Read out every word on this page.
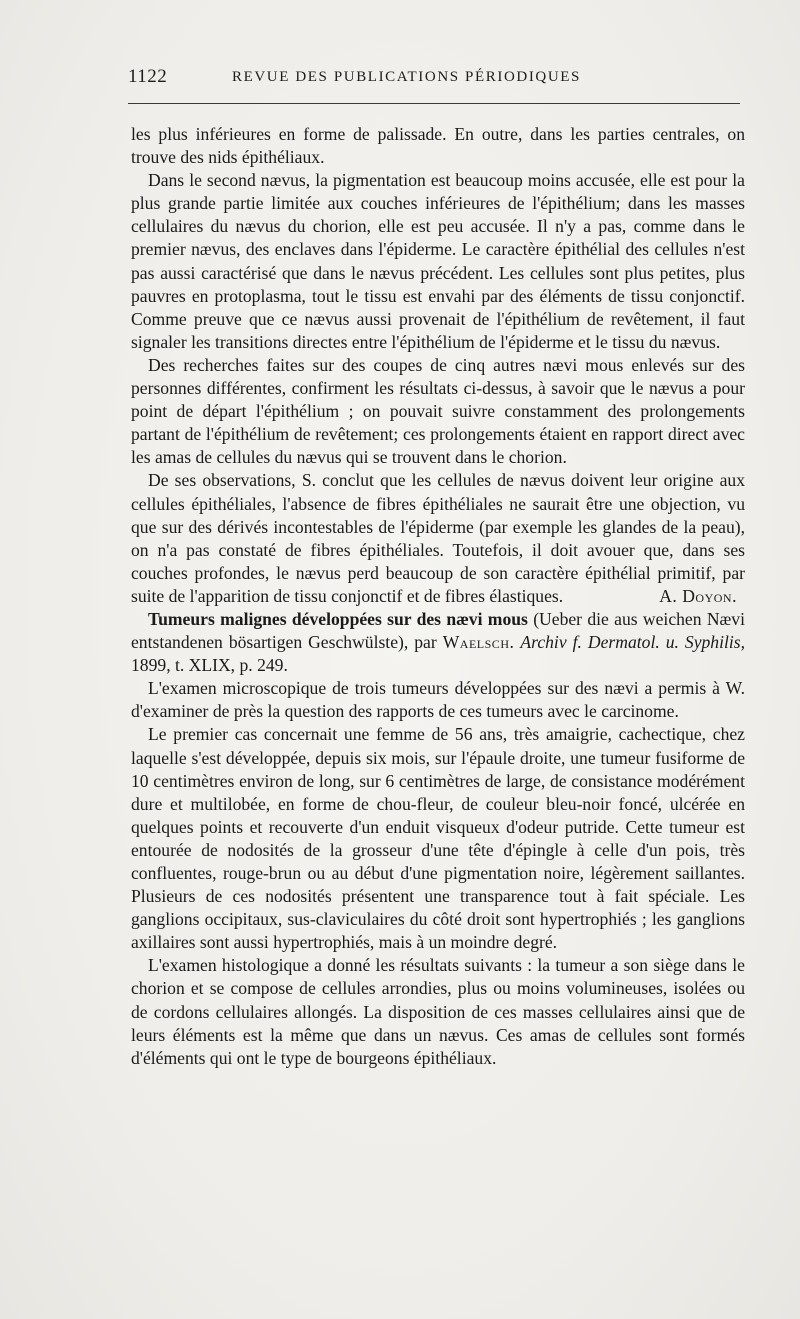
1122	REVUE DES PUBLICATIONS PÉRIODIQUES

les plus inférieures en forme de palissade. En outre, dans les parties centrales, on trouve des nids épithéliaux.

Dans le second nævus, la pigmentation est beaucoup moins accusée, elle est pour la plus grande partie limitée aux couches inférieures de l'épithélium; dans les masses cellulaires du nævus du chorion, elle est peu accusée. Il n'y a pas, comme dans le premier nævus, des enclaves dans l'épiderme. Le caractère épithélial des cellules n'est pas aussi caractérisé que dans le nævus précédent. Les cellules sont plus petites, plus pauvres en protoplasma, tout le tissu est envahi par des éléments de tissu conjonctif. Comme preuve que ce nævus aussi provenait de l'épithélium de revêtement, il faut signaler les transitions directes entre l'épithélium de l'épiderme et le tissu du nævus.

Des recherches faites sur des coupes de cinq autres nævi mous enlevés sur des personnes différentes, confirment les résultats ci-dessus, à savoir que le nævus a pour point de départ l'épithélium ; on pouvait suivre constamment des prolongements partant de l'épithélium de revêtement; ces prolongements étaient en rapport direct avec les amas de cellules du nævus qui se trouvent dans le chorion.

De ses observations, S. conclut que les cellules de nævus doivent leur origine aux cellules épithéliales, l'absence de fibres épithéliales ne saurait être une objection, vu que sur des dérivés incontestables de l'épiderme (par exemple les glandes de la peau), on n'a pas constaté de fibres épithéliales. Toutefois, il doit avouer que, dans ses couches profondes, le nævus perd beaucoup de son caractère épithélial primitif, par suite de l'apparition de tissu conjonctif et de fibres élastiques.	A. Doyon.

Tumeurs malignes développées sur des nævi mous (Ueber die aus weichen Nævi entstandenen bösartigen Geschwülste), par Waelsch. Archiv f. Dermatol. u. Syphilis, 1899, t. XLIX, p. 249.

L'examen microscopique de trois tumeurs développées sur des nævi a permis à W. d'examiner de près la question des rapports de ces tumeurs avec le carcinome.

Le premier cas concernait une femme de 56 ans, très amaigrie, cachectique, chez laquelle s'est développée, depuis six mois, sur l'épaule droite, une tumeur fusiforme de 10 centimètres environ de long, sur 6 centimètres de large, de consistance modérément dure et multilobée, en forme de chou-fleur, de couleur bleu-noir foncé, ulcérée en quelques points et recouverte d'un enduit visqueux d'odeur putride. Cette tumeur est entourée de nodosités de la grosseur d'une tête d'épingle à celle d'un pois, très confluentes, rouge-brun ou au début d'une pigmentation noire, légèrement saillantes. Plusieurs de ces nodosités présentent une transparence tout à fait spéciale. Les ganglions occipitaux, sus-claviculaires du côté droit sont hypertrophiés ; les ganglions axillaires sont aussi hypertrophiés, mais à un moindre degré.

L'examen histologique a donné les résultats suivants : la tumeur a son siège dans le chorion et se compose de cellules arrondies, plus ou moins volumineuses, isolées ou de cordons cellulaires allongés. La disposition de ces masses cellulaires ainsi que de leurs éléments est la même que dans un nævus. Ces amas de cellules sont formés d'éléments qui ont le type de bourgeons épithéliaux.
